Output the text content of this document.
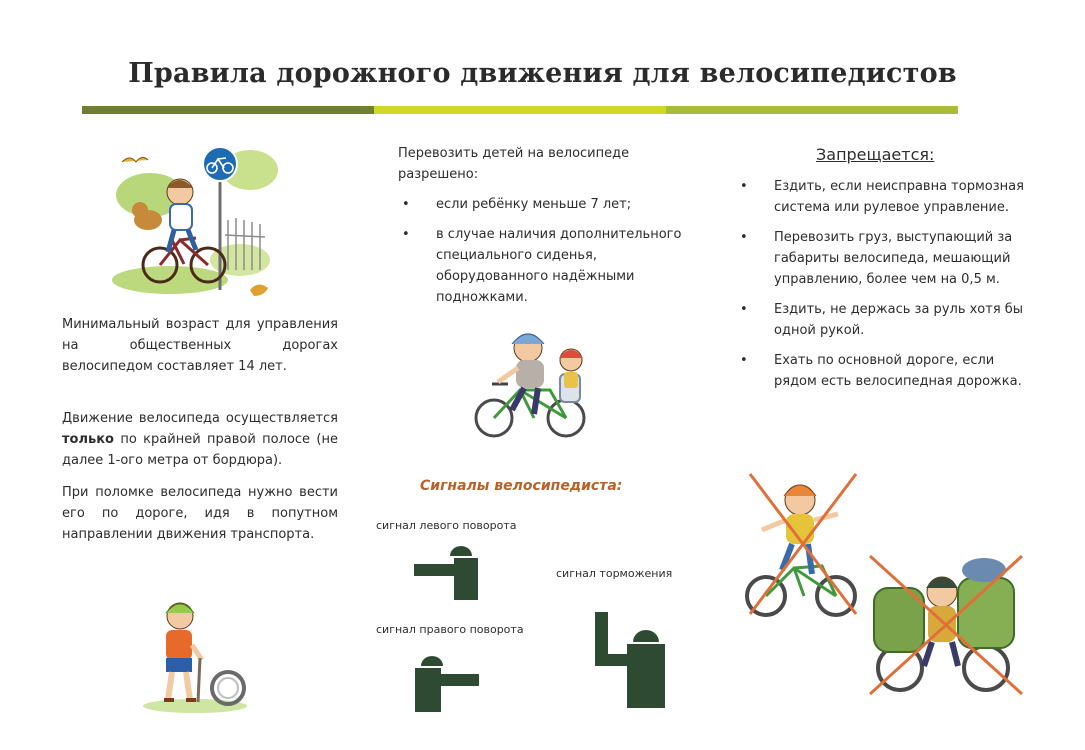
Правила дорожного движения для велосипедистов
Минимальный возраст для управления на общественных дорогах велосипедом составляет 14 лет.
Движение велосипеда осуществляется только по крайней правой полосе (не далее 1-ого метра от бордюра).
При поломке велосипеда нужно вести его по дороге, идя в попутном направлении движения транспорта.
Перевозить детей на велосипеде разрешено:
• если ребёнку меньше 7 лет;
• в случае наличия дополнительного специального сиденья, оборудованного надёжными подножками.
Сигналы велосипедиста:
сигнал левого поворота
сигнал торможения
сигнал правого поворота
Запрещается:
• Ездить, если неисправна тормозная система или рулевое управление.
• Перевозить груз, выступающий за габариты велосипеда, мешающий управлению, более чем на 0,5 м.
• Ездить, не держась за руль хотя бы одной рукой.
• Ехать по основной дороге, если рядом есть велосипедная дорожка.
